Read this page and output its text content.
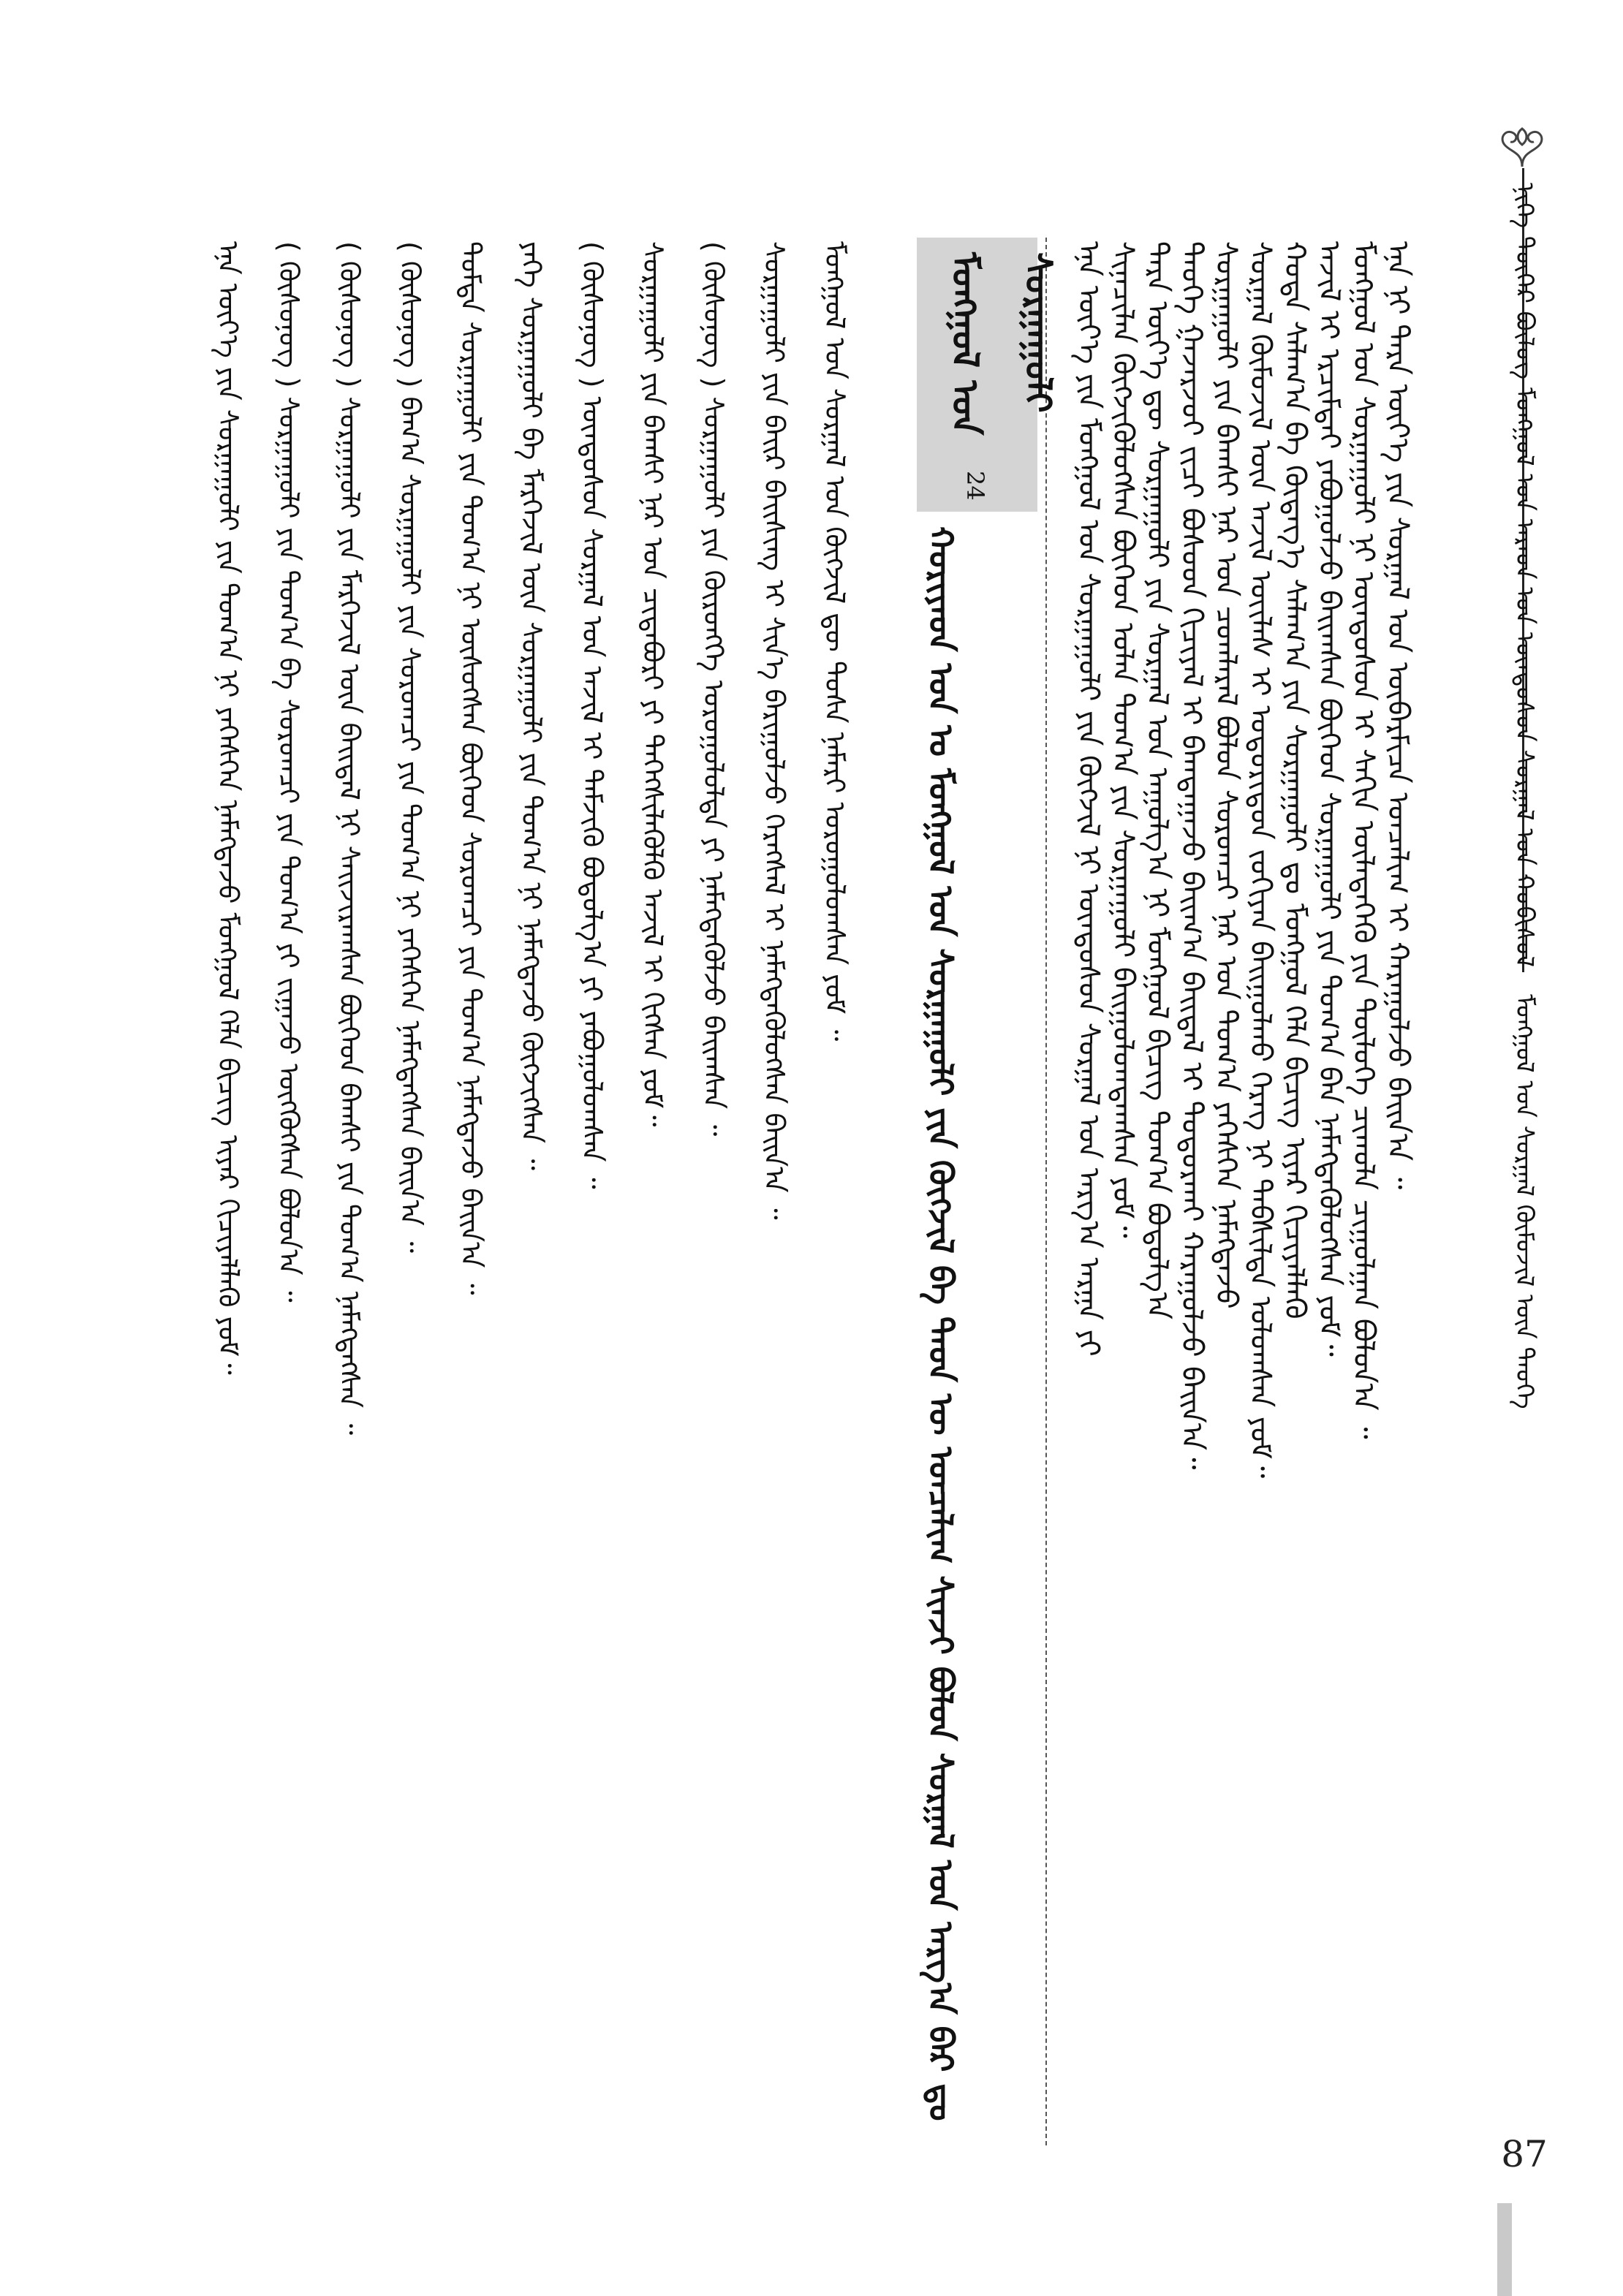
ᠨᠢᠭᠡ ᠳᠦᠭᠡᠷ ᠪᠦᠯᠦᠭ ᠮᠣᠩᠭᠣᠯ ᠤᠨ ᠠᠷᠠᠳ ᠤᠨ ᠦᠨᠳᠦᠰᠦᠨ ᠰᠤᠷᠭᠠᠯ ᠤᠨ ᠬᠤᠪᠢᠰᠤᠯ ᠮᠣᠩᠭᠣᠯ ᠤᠨ ᠰᠤᠷᠭᠠᠯ ᠬᠥᠮᠦᠵᠢᠯ ᠦᠨ ᠲᠡᠦᠬᠡ
ᠡᠨᠡ ᠦᠶ᠎ᠡ ᠶᠢᠨ ᠮᠣᠩᠭᠣᠯ ᠤᠨ ᠰᠤᠷᠭᠠᠭᠤᠯᠢ ᠶᠢᠨ ᠬᠥᠭᠵᠢᠯ ᠨᠢ ᠦᠨᠳᠦᠰᠦᠨ ᠰᠤᠷᠭᠠᠯ ᠤᠨ ᠠᠷᠭ᠎ᠠ ᠠᠷᠭᠠ ᠶᠢ ᠰᠢᠨᠡᠴᠢᠯᠡᠨ ᠬᠥᠭᠵᠢᠭᠦᠯᠦᠭᠰᠡᠨ ᠪᠥᠭᠡᠳ ᠣᠯᠠᠨ ᠲᠣᠭ᠎ᠠ ᠶᠢᠨ ᠰᠤᠷᠭᠠᠭᠤᠯᠢ ᠪᠠᠢᠭᠤᠯᠤᠭᠳᠠᠭᠰᠠᠨ ᠶᠤᠮ᠃ ᠲᠡᠷᠡ ᠦᠶ᠎ᠡ ᠳᠦ ᠰᠤᠷᠭᠠᠭᠤᠯᠢ ᠶᠢᠨ ᠰᠤᠷᠭᠠᠯ ᠤᠨ ᠠᠭᠤᠯᠭ᠎ᠠ ᠨᠢ ᠮᠣᠩᠭᠣᠯ ᠪᠢᠴᠢᠭ ᠲᠣᠭ᠎ᠠ ᠪᠣᠳᠣᠯᠭ᠎ᠠ ᠲᠡᠦᠬᠡ ᠭᠠᠵᠠᠷᠵᠦᠢ ᠵᠢᠴᠢ ᠪᠤᠰᠤᠳ ᠬᠢᠴᠢᠶᠡᠯ ᠢ ᠪᠠᠭᠲᠠᠭᠠᠵᠤ ᠪᠠᠢᠭ᠎ᠠ ᠪᠠᠢᠳᠠᠯ ᠢ ᠲᠣᠳᠣᠷᠬᠠᠢ ᠬᠠᠷᠠᠭᠤᠯᠵᠤ ᠪᠠᠢᠨ᠎ᠠ᠃ ᠰᠤᠷᠭᠠᠭᠤᠯᠢ ᠶᠢᠨ ᠪᠠᠭᠰᠢ ᠨᠠᠷ ᠤᠨ ᠴᠤᠭᠯᠠᠷᠠᠯ ᠪᠣᠯᠤᠨ ᠰᠤᠷᠤᠭᠴᠢ ᠨᠠᠷ ᠤᠨ ᠲᠣᠭ᠎ᠠ ᠶᠡᠬᠡᠰᠬᠡᠨ ᠨᠡᠮᠡᠭᠳᠡᠵᠦ ᠰᠤᠷᠭᠠᠯ ᠬᠥᠮᠦᠵᠢᠯ ᠦᠨ ᠠᠵᠢᠯ ᠦᠢᠯᠡᠰ ᠢ ᠤᠳᠤᠷᠢᠳᠤᠨ ᠵᠣᠬᠢᠶᠠᠨ ᠪᠠᠢᠭᠤᠯᠬᠤ ᠬᠡᠷᠡᠭ ᠨᠢ ᠳᠡᠪᠰᠢᠯᠲᠡ ᠣᠯᠤᠭᠰᠠᠨ ᠶᠤᠮ᠃ ᠬᠣᠲᠠ ᠰᠠᠯᠠᠭ᠎ᠠ ᠪᠠ ᠬᠥᠳᠡᠭ᠎ᠡ ᠰᠠᠯᠠᠭ᠎ᠠ ᠶᠢᠨ ᠰᠤᠷᠭᠠᠭᠤᠯᠢ ᠳᠤ ᠮᠣᠩᠭᠣᠯ ᠬᠡᠯᠡ ᠪᠢᠴᠢᠭ ᠢᠶᠡᠷ ᠬᠢᠴᠢᠶᠡᠯᠯᠡᠬᠦ ᠠᠵᠢᠯ ᠢ ᠡᠷᠴᠢᠮᠲᠡᠢ ᠶᠠᠪᠤᠭᠤᠯᠵᠤ ᠪᠠᠢᠭᠰᠠᠨ ᠪᠥᠭᠡᠳ ᠰᠤᠷᠭᠠᠭᠤᠯᠢ ᠶᠢᠨ ᠲᠣᠭ᠎ᠠ ᠪᠠᠨ ᠨᠡᠮᠡᠭᠳᠡᠭᠦᠯᠦᠭᠰᠡᠨ ᠶᠤᠮ᠃ ᠮᠣᠩᠭᠣᠯ ᠤᠨ ᠰᠤᠷᠭᠠᠭᠤᠯᠢ ᠨᠢ ᠦᠨᠳᠦᠰᠦᠨ ᠢ ᠰᠠᠬᠢᠨ ᠦᠯᠡᠳᠡᠭᠡᠬᠦ ᠶᠢᠨ ᠲᠥᠯᠦᠭᠡ ᠴᠢᠬᠤᠯᠠ ᠴᠢᠭᠤᠯᠭᠠᠨ ᠪᠣᠯᠤᠨ᠎ᠠ ᠃ ᠡᠨᠡ ᠨᠢ ᠲᠡᠷᠡ ᠦᠶ᠎ᠡ ᠶᠢᠨ ᠰᠤᠷᠭᠠᠯ ᠤᠨ ᠥᠪᠡᠷᠮᠢᠴᠡ ᠣᠨᠴᠠᠯᠢᠭ ᠢ ᠬᠠᠷᠠᠭᠤᠯᠵᠤ ᠪᠠᠢᠨ᠎ᠠ ᠃
ᠮᠣᠩᠭᠣᠯ ᠤᠨ ᠰᠤᠷᠭᠠᠭᠤᠯᠢ
24
ᠬᠣᠷᠢᠶᠠᠳ ᠣᠨ ᠤ ᠮᠣᠩᠭᠣᠯ ᠤᠨ ᠰᠤᠷᠭᠠᠭᠤᠯᠢ ᠶᠢᠨ ᠬᠥᠭᠵᠢᠯ ᠪᠠ ᠲᠡᠦᠨ ᠦ ᠣᠨᠴᠠᠯᠢᠭ ᠱᠢᠨᠵᠢ ᠪᠣᠯᠤᠨ ᠰᠤᠷᠭᠠᠯ ᠤᠨ ᠠᠷᠭ᠎ᠠ ᠪᠠᠷ ᠳᠤ
ᠡᠨᠡ ᠦᠶ᠎ᠡ ᠶᠢᠨ ᠰᠤᠷᠭᠠᠭᠤᠯᠢ ᠶᠢᠨ ᠲᠣᠭ᠎ᠠ ᠨᠢ ᠶᠡᠬᠡᠰᠬᠡᠨ ᠨᠡᠮᠡᠭᠳᠡᠵᠦ ᠮᠣᠩᠭᠣᠯ ᠬᠡᠯᠡ ᠪᠢᠴᠢᠭ ᠢᠶᠡᠷ ᠬᠢᠴᠢᠶᠡᠯᠯᠡᠬᠦ ᠶᠤᠮ᠃	( ᠬᠦᠰᠦᠨᠦᠭ ) ᠰᠤᠷᠭᠠᠭᠤᠯᠢ ᠶᠢᠨ ᠲᠣᠭ᠎ᠠ ᠪᠠ ᠰᠤᠷᠤᠭᠴᠢ ᠶᠢᠨ ᠲᠣᠭ᠎ᠠ ᠶᠢ ᠵᠢᠭᠠᠵᠤ ᠥᠭᠭᠦᠭᠰᠡᠨ ᠪᠣᠯᠤᠨ᠎ᠠ ᠃	( ᠬᠦᠰᠦᠨᠦᠭ ) ᠰᠤᠷᠭᠠᠭᠤᠯᠢ ᠶᠢᠨ ᠮᠡᠷᠭᠡᠵᠢᠯ ᠦᠨ ᠪᠠᠢᠳᠠᠯ ᠨᠢ ᠰᠠᠢᠵᠢᠷᠠᠭᠰᠠᠨ ᠪᠥᠭᠡᠳ ᠪᠠᠭᠰᠢ ᠶᠢᠨ ᠲᠣᠭ᠎ᠠ ᠨᠡᠮᠡᠭᠳᠡᠭᠰᠡᠨ ᠃	( ᠬᠦᠰᠦᠨᠦᠭ ) ᠪᠠᠭ᠎ᠠ ᠰᠤᠷᠭᠠᠭᠤᠯᠢ ᠶᠢᠨ ᠰᠤᠷᠤᠭᠴᠢ ᠶᠢᠨ ᠲᠣᠭ᠎ᠠ ᠨᠢ ᠶᠡᠬᠡᠰᠬᠡᠨ ᠨᠡᠮᠡᠭᠳᠡᠭᠰᠡᠨ ᠪᠠᠢᠨ᠎ᠠ ᠃	ᠳᠤᠮᠳᠠ ᠰᠤᠷᠭᠠᠭᠤᠯᠢ ᠶᠢᠨ ᠲᠣᠭ᠎ᠠ ᠨᠢ ᠥᠰᠦᠭᠰᠡᠨ ᠪᠥᠭᠡᠳ ᠰᠤᠷᠤᠭᠴᠢ ᠶᠢᠨ ᠲᠣᠭ᠎ᠠ ᠨᠡᠮᠡᠭᠳᠡᠵᠦ ᠪᠠᠢᠨ᠎ᠠ ᠃	ᠶᠡᠬᠡ ᠰᠤᠷᠭᠠᠭᠤᠯᠢ ᠪᠠ ᠮᠡᠷᠭᠡᠵᠢᠯ ᠦᠨ ᠰᠤᠷᠭᠠᠭᠤᠯᠢ ᠶᠢᠨ ᠲᠣᠭ᠎ᠠ ᠨᠢ ᠨᠡᠮᠡᠭᠳᠡᠵᠦ ᠬᠥᠭᠵᠢᠭᠰᠡᠨ ᠃	( ᠬᠦᠰᠦᠨᠦᠭ ) ᠦᠨᠳᠦᠰᠦᠨ ᠰᠤᠷᠭᠠᠯ ᠤᠨ ᠠᠵᠢᠯ ᠢ ᠳᠡᠮᠵᠢᠬᠦ ᠪᠣᠳᠤᠯᠭ᠎ᠠ ᠶᠢ ᠶᠠᠪᠤᠭᠤᠯᠤᠭᠰᠠᠨ ᠃	ᠰᠤᠷᠭᠠᠭᠤᠯᠢ ᠶᠢᠨ ᠪᠠᠭᠰᠢ ᠨᠠᠷ ᠤᠨ ᠴᠢᠳᠠᠪᠤᠷᠢ ᠶᠢ ᠳᠡᠭᠡᠭᠰᠢᠯᠡᠭᠦᠯᠬᠦ ᠠᠵᠢᠯ ᠢ ᠬᠢᠭᠰᠡᠨ ᠶᠤᠮ᠃	( ᠬᠦᠰᠦᠨᠦᠭ ) ᠰᠤᠷᠭᠠᠭᠤᠯᠢ ᠶᠢᠨ ᠬᠥᠷᠥᠩᠭᠡ ᠣᠷᠤᠭᠤᠯᠤᠯᠲᠠ ᠶᠢ ᠨᠡᠮᠡᠭᠳᠡᠭᠦᠯᠵᠦ ᠪᠠᠢᠭᠰᠠᠨ ᠃	ᠰᠤᠷᠭᠠᠭᠤᠯᠢ ᠶᠢᠨ ᠪᠠᠢᠷ ᠪᠠᠢᠰᠢᠩ ᠢ ᠰᠢᠨ᠎ᠡ ᠪᠠᠷᠢᠭᠤᠯᠵᠤ ᠬᠡᠷᠡᠭᠰᠡᠯ ᠢ ᠨᠡᠮᠡᠭᠳᠡᠭᠦᠯᠦᠭᠰᠡᠨ ᠪᠠᠢᠨ᠎ᠠ ᠃	ᠮᠣᠩᠭᠣᠯ ᠤᠨ ᠰᠤᠷᠭᠠᠯ ᠤᠨ ᠬᠥᠭᠵᠢᠯ ᠳᠦ ᠲᠤᠰᠠ ᠨᠡᠮᠡᠷᠢ ᠣᠷᠤᠭᠤᠯᠤᠭᠰᠠᠨ ᠶᠤᠮ ᠃
87
